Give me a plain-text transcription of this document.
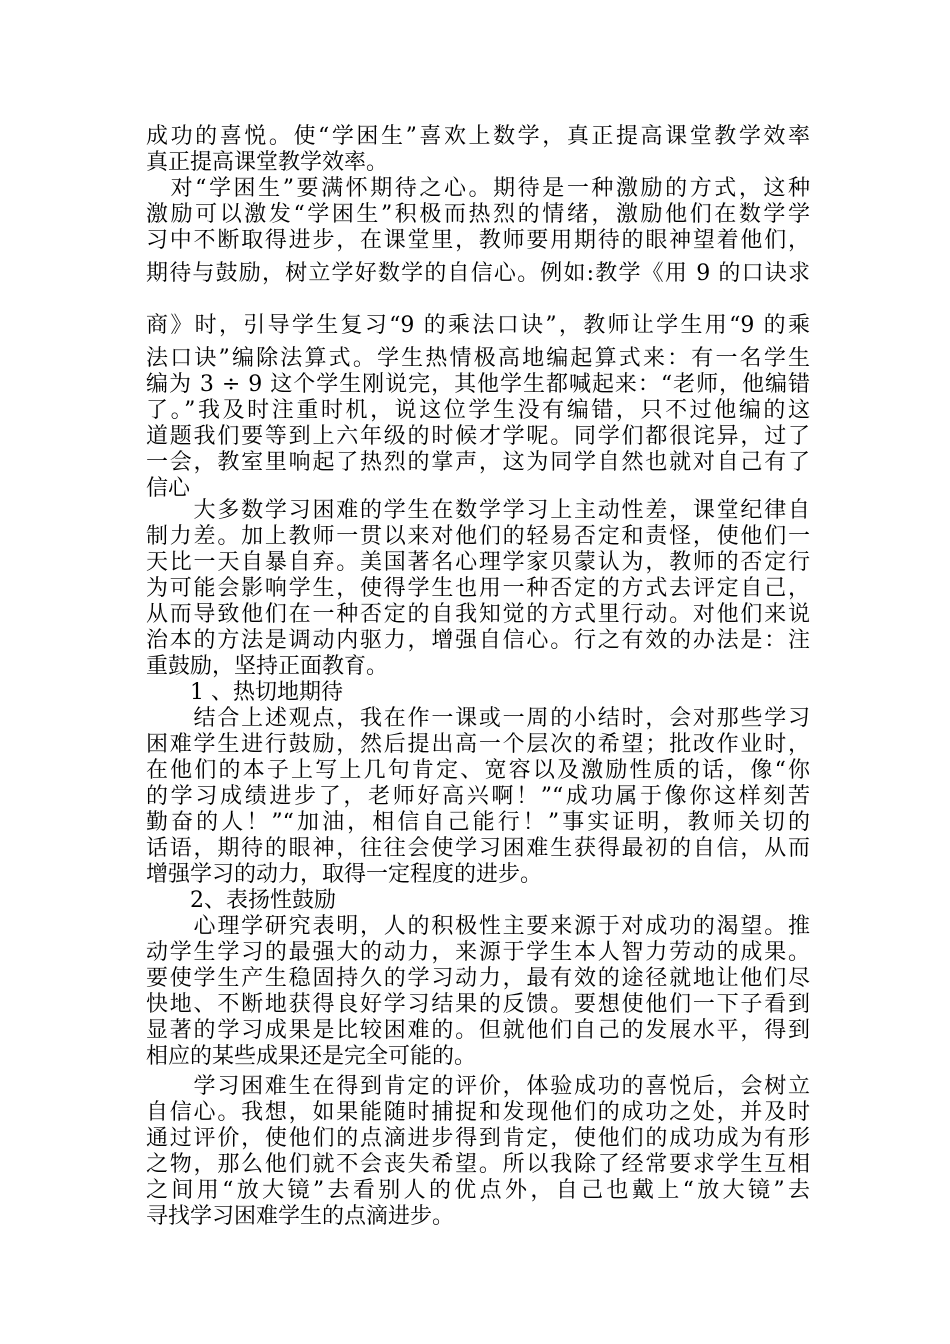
成功的喜悦。使“学困生”喜欢上数学，真正提高课堂教学效率

真正提高课堂教学效率。

　对“学困生”要满怀期待之心。期待是一种激励的方式，这种

激励可以激发“学困生”积极而热烈的情绪，激励他们在数学学

习中不断取得进步，在课堂里，教师要用期待的眼神望着他们，

期待与鼓励，树立学好数学的自信心。例如:教学《用 9 的口诀求

商》时，引导学生复习“9 的乘法口诀”，教师让学生用“9 的乘

法口诀”编除法算式。学生热情极高地编起算式来：有一名学生

编为 3 ÷ 9 这个学生刚说完，其他学生都喊起来：“老师，他编错

了。”我及时注重时机，说这位学生没有编错，只不过他编的这

道题我们要等到上六年级的时候才学呢。同学们都很诧异，过了

一会，教室里响起了热烈的掌声，这为同学自然也就对自己有了

信心

　　大多数学习困难的学生在数学学习上主动性差，课堂纪律自

制力差。加上教师一贯以来对他们的轻易否定和责怪，使他们一

天比一天自暴自弃。美国著名心理学家贝蒙认为，教师的否定行

为可能会影响学生，使得学生也用一种否定的方式去评定自己，

从而导致他们在一种否定的自我知觉的方式里行动。对他们来说

治本的方法是调动内驱力，增强自信心。行之有效的办法是：注

重鼓励，坚持正面教育。

　　1 、热切地期待

　　结合上述观点，我在作一课或一周的小结时，会对那些学习

困难学生进行鼓励，然后提出高一个层次的希望；批改作业时，

在他们的本子上写上几句肯定、宽容以及激励性质的话，像“你

的学习成绩进步了，老师好高兴啊！”“成功属于像你这样刻苦

勤奋的人！”“加油，相信自己能行！”事实证明，教师关切的

话语，期待的眼神，往往会使学习困难生获得最初的自信，从而

增强学习的动力，取得一定程度的进步。

　　2、表扬性鼓励

　　心理学研究表明，人的积极性主要来源于对成功的渴望。推

动学生学习的最强大的动力，来源于学生本人智力劳动的成果。

要使学生产生稳固持久的学习动力，最有效的途径就地让他们尽

快地、不断地获得良好学习结果的反馈。要想使他们一下子看到

显著的学习成果是比较困难的。但就他们自己的发展水平，得到

相应的某些成果还是完全可能的。

　　学习困难生在得到肯定的评价，体验成功的喜悦后，会树立

自信心。我想，如果能随时捕捉和发现他们的成功之处，并及时

通过评价，使他们的点滴进步得到肯定，使他们的成功成为有形

之物，那么他们就不会丧失希望。所以我除了经常要求学生互相

之间用“放大镜”去看别人的优点外，自己也戴上“放大镜”去

寻找学习困难学生的点滴进步。
